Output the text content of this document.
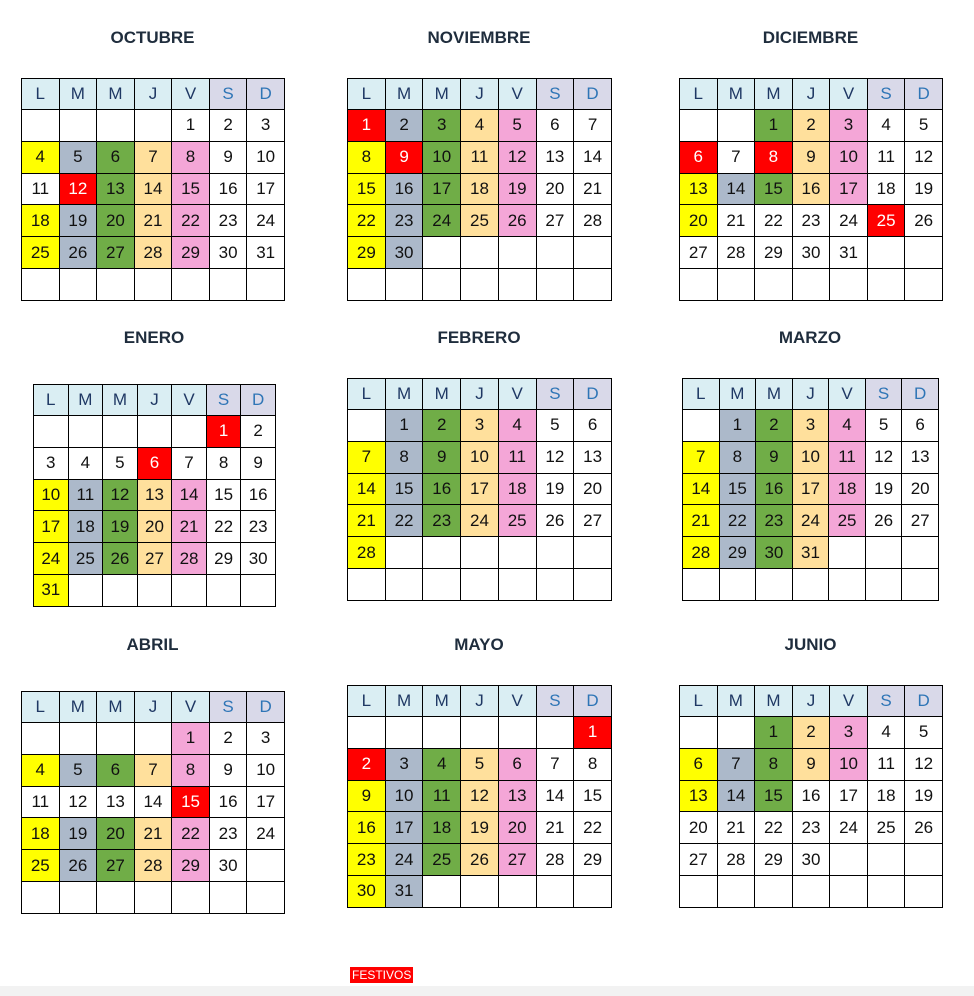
OCTUBRE
L	M	M	J	V	S	D
				1	2	3
4	5	6	7	8	9	10
11	12	13	14	15	16	17
18	19	20	21	22	23	24
25	26	27	28	29	30	31

NOVIEMBRE
L	M	M	J	V	S	D
1	2	3	4	5	6	7
8	9	10	11	12	13	14
15	16	17	18	19	20	21
22	23	24	25	26	27	28
29	30					

DICIEMBRE
L	M	M	J	V	S	D
		1	2	3	4	5
6	7	8	9	10	11	12
13	14	15	16	17	18	19
20	21	22	23	24	25	26
27	28	29	30	31		

ENERO
L	M	M	J	V	S	D
					1	2
3	4	5	6	7	8	9
10	11	12	13	14	15	16
17	18	19	20	21	22	23
24	25	26	27	28	29	30
31						
FEBRERO
L	M	M	J	V	S	D
	1	2	3	4	5	6
7	8	9	10	11	12	13
14	15	16	17	18	19	20
21	22	23	24	25	26	27
28						

MARZO
L	M	M	J	V	S	D
	1	2	3	4	5	6
7	8	9	10	11	12	13
14	15	16	17	18	19	20
21	22	23	24	25	26	27
28	29	30	31			

ABRIL
L	M	M	J	V	S	D
				1	2	3
4	5	6	7	8	9	10
11	12	13	14	15	16	17
18	19	20	21	22	23	24
25	26	27	28	29	30	

MAYO
L	M	M	J	V	S	D
						1
2	3	4	5	6	7	8
9	10	11	12	13	14	15
16	17	18	19	20	21	22
23	24	25	26	27	28	29
30	31					
JUNIO
L	M	M	J	V	S	D
		1	2	3	4	5
6	7	8	9	10	11	12
13	14	15	16	17	18	19
20	21	22	23	24	25	26
27	28	29	30			

FESTIVOS
